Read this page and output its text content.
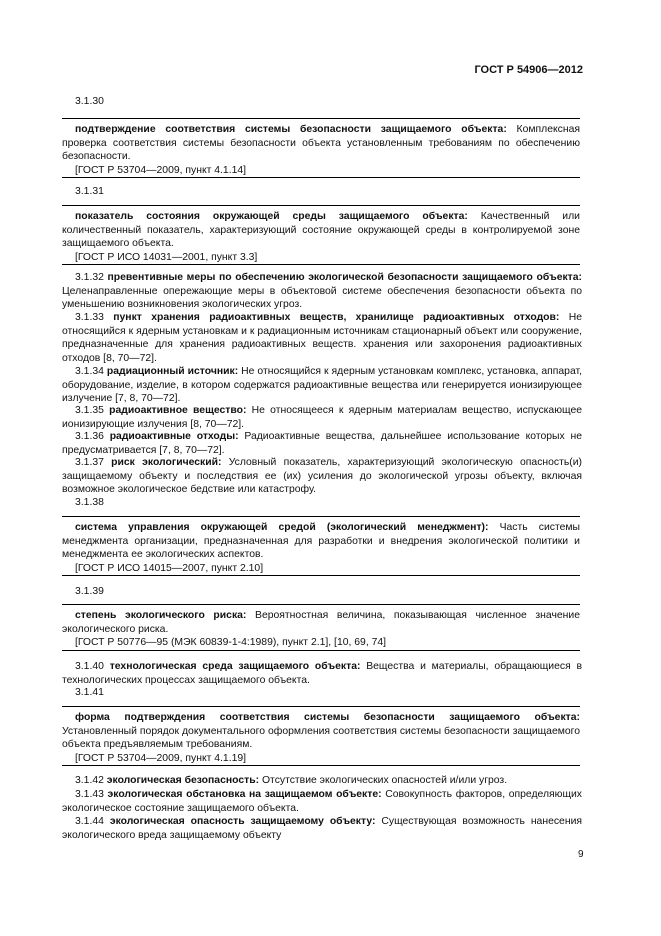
ГОСТ Р 54906—2012
3.1.30
подтверждение соответствия системы безопасности защищаемого объекта: Комплексная проверка соответствия системы безопасности объекта установленным требованиям по обеспечению безопасности.
[ГОСТ Р 53704—2009, пункт 4.1.14]
3.1.31
показатель состояния окружающей среды защищаемого объекта: Качественный или количественный показатель, характеризующий состояние окружающей среды в контролируемой зоне защищаемого объекта.
[ГОСТ Р ИСО 14031—2001, пункт 3.3]
3.1.32 превентивные меры по обеспечению экологической безопасности защищаемого объекта: Целенаправленные опережающие меры в объектовой системе обеспечения безопасности объекта по уменьшению возникновения экологических угроз.
3.1.33 пункт хранения радиоактивных веществ, хранилище радиоактивных отходов: Не относящийся к ядерным установкам и к радиационным источникам стационарный объект или сооружение, предназначенные для хранения радиоактивных веществ. хранения или захоронения радиоактивных отходов [8, 70—72].
3.1.34 радиационный источник: Не относящийся к ядерным установкам комплекс, установка, аппарат, оборудование, изделие, в котором содержатся радиоактивные вещества или генерируется ионизирующее излучение [7, 8, 70—72].
3.1.35 радиоактивное вещество: Не относящееся к ядерным материалам вещество, испускающее ионизирующие излучения [8, 70—72].
3.1.36 радиоактивные отходы: Радиоактивные вещества, дальнейшее использование которых не предусматривается [7, 8, 70—72].
3.1.37 риск экологический: Условный показатель, характеризующий экологическую опасность(и) защищаемому объекту и последствия ее (их) усиления до экологической угрозы объекту, включая возможное экологическое бедствие или катастрофу.
3.1.38
система управления окружающей средой (экологический менеджмент): Часть системы менеджмента организации, предназначенная для разработки и внедрения экологической политики и менеджмента ее экологических аспектов.
[ГОСТ Р ИСО 14015—2007, пункт 2.10]
3.1.39
степень экологического риска: Вероятностная величина, показывающая численное значение экологического риска.
[ГОСТ Р 50776—95 (МЭК 60839-1-4:1989), пункт 2.1], [10, 69, 74]
3.1.40 технологическая среда защищаемого объекта: Вещества и материалы, обращающиеся в технологических процессах защищаемого объекта.
3.1.41
форма подтверждения соответствия системы безопасности защищаемого объекта: Установленный порядок документального оформления соответствия системы безопасности защищаемого объекта предъявляемым требованиям.
[ГОСТ Р 53704—2009, пункт 4.1.19]
3.1.42 экологическая безопасность: Отсутствие экологических опасностей и/или угроз.
3.1.43 экологическая обстановка на защищаемом объекте: Совокупность факторов, определяющих экологическое состояние защищаемого объекта.
3.1.44 экологическая опасность защищаемому объекту: Существующая возможность нанесения экологического вреда защищаемому объекту
9
